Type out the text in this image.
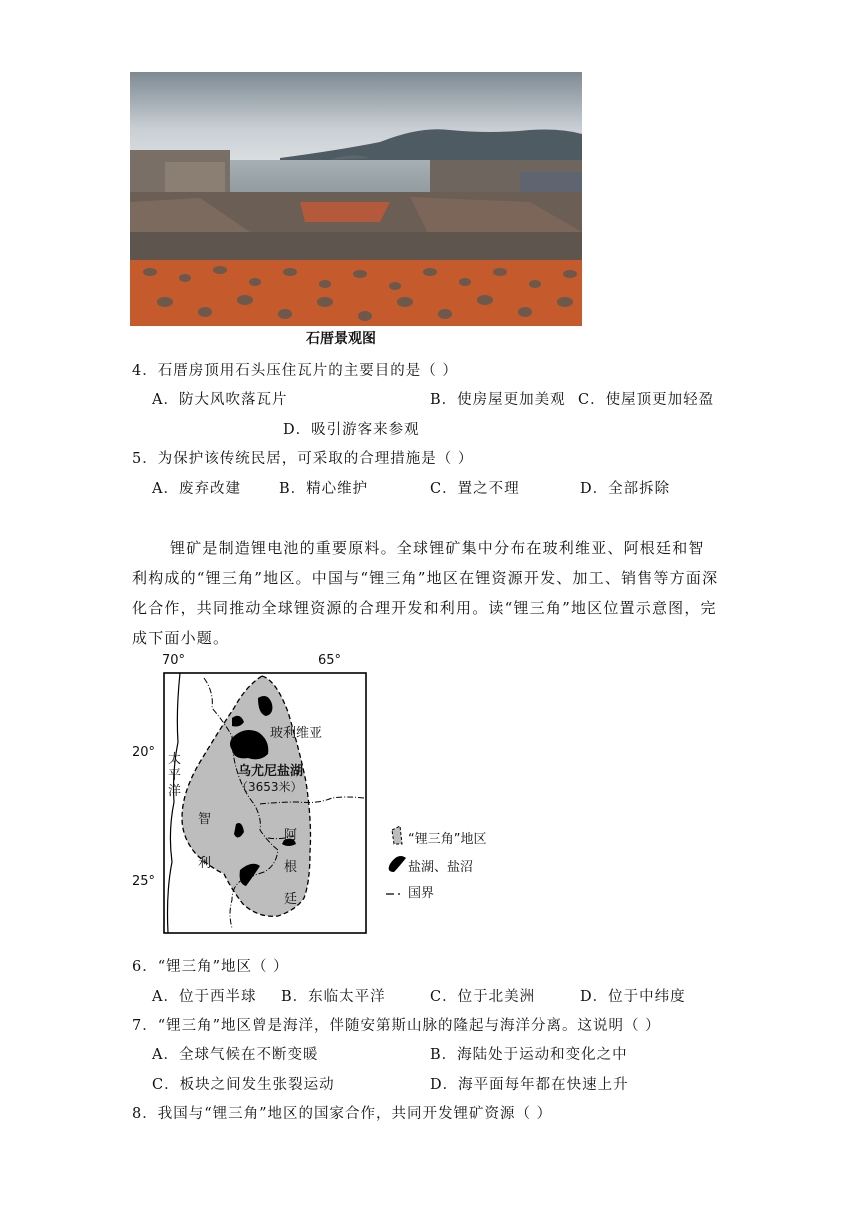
石厝景观图
4．石厝房顶用石头压住瓦片的主要目的是（ ）
A．防大风吹落瓦片	B．使房屋更加美观 C．使屋顶更加轻盈
D．吸引游客来参观
5．为保护该传统民居，可采取的合理措施是（ ）
A．废弃改建	B．精心维护	C．置之不理	D．全部拆除
锂矿是制造锂电池的重要原料。全球锂矿集中分布在玻利维亚、阿根廷和智
利构成的“锂三角”地区。中国与“锂三角”地区在锂资源开发、加工、销售等方面深
化合作，共同推动全球锂资源的合理开发和利用。读“锂三角”地区位置示意图，完
成下面小题。
70°	65°
20°
25°
太
平
洋
玻利维亚
乌尤尼盐湖
（3653米）
智
利
阿
根
廷
“锂三角”地区
盐湖、盐沼
国界
6．“锂三角”地区（ ）
A．位于西半球 B．东临太平洋	C．位于北美洲	D．位于中纬度
7．“锂三角”地区曾是海洋，伴随安第斯山脉的隆起与海洋分离。这说明（ ）
A．全球气候在不断变暖	B．海陆处于运动和变化之中
C．板块之间发生张裂运动	D．海平面每年都在快速上升
8．我国与“锂三角”地区的国家合作，共同开发锂矿资源（ ）
